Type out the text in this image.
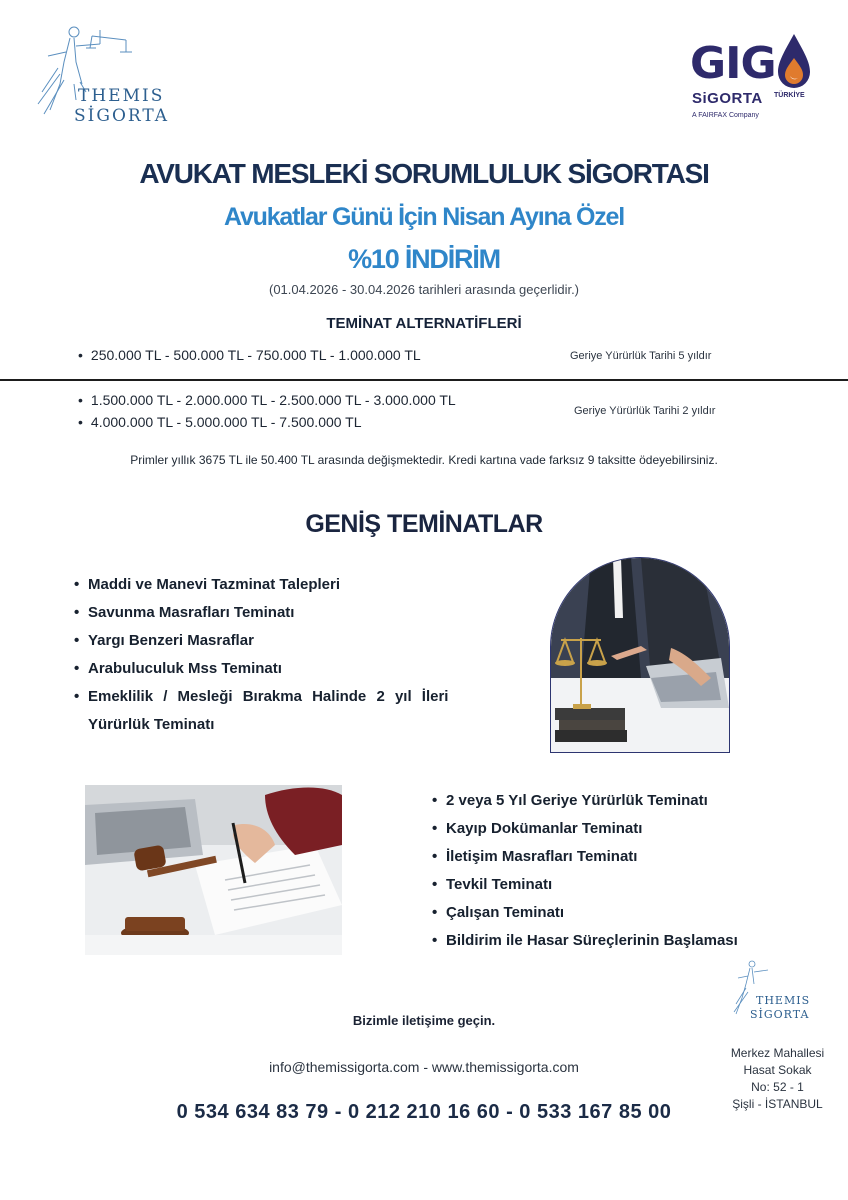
THEMIS
SİGORTA
GIG
SiGORTA TÜRKİYE
A FAIRFAX Company
AVUKAT MESLEKİ SORUMLULUK SİGORTASI
Avukatlar Günü İçin Nisan Ayına Özel
%10 İNDİRİM
(01.04.2026 - 30.04.2026 tarihleri arasında geçerlidir.)
TEMİNAT ALTERNATİFLERİ
• 250.000 TL - 500.000 TL - 750.000 TL - 1.000.000 TL	Geriye Yürürlük Tarihi 5 yıldır
• 1.500.000 TL - 2.000.000 TL - 2.500.000 TL - 3.000.000 TL
• 4.000.000 TL - 5.000.000 TL - 7.500.000 TL
Geriye Yürürlük Tarihi 2 yıldır
Primler yıllık 3675 TL ile 50.400 TL arasında değişmektedir. Kredi kartına vade farksız 9 taksitte ödeyebilirsiniz.
GENİŞ TEMİNATLAR
• Maddi ve Manevi Tazminat Talepleri
• Savunma Masrafları Teminatı
• Yargı Benzeri Masraflar
• Arabuluculuk Mss Teminatı
• Emeklilik / Mesleği Bırakma Halinde 2 yıl İleri
Yürürlük Teminatı
• 2 veya 5 Yıl Geriye Yürürlük Teminatı
• Kayıp Dokümanlar Teminatı
• İletişim Masrafları Teminatı
• Tevkil Teminatı
• Çalışan Teminatı
• Bildirim ile Hasar Süreçlerinin Başlaması
THEMIS
SİGORTA
Bizimle iletişime geçin.
info@themissigorta.com - www.themissigorta.com
0 534 634 83 79 - 0 212 210 16 60 - 0 533 167 85 00
Merkez Mahallesi
Hasat Sokak
No: 52 - 1
Şişli - İSTANBUL
